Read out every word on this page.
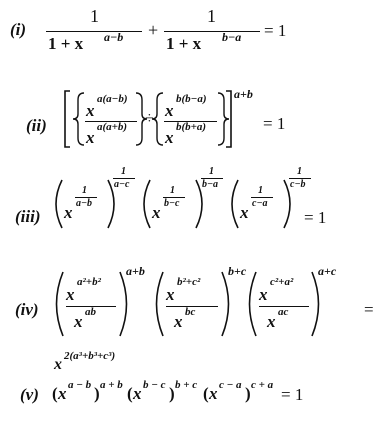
(i)
1
1 + x a−b +
1
1 + x b−a = 1
(ii)
x
a(a−b)
x
a(a+b) ÷ x
b(b−a)
x
b(b+a)
a+b
= 1
(iii) x
1
a−b
1
a−c
x
1
b−c
1
b−a
x
1
c−a
1
c−b
= 1
(iv)
x
a²+b²
x ab
a+b
x
b²+c²
x bc
b+c
x
c²+a²
x ac
a+c
=
x 2(a³+b³+c³)
(v) ( x a − b ) a + b ( x b − c ) b + c ( x c − a ) c + a = 1
